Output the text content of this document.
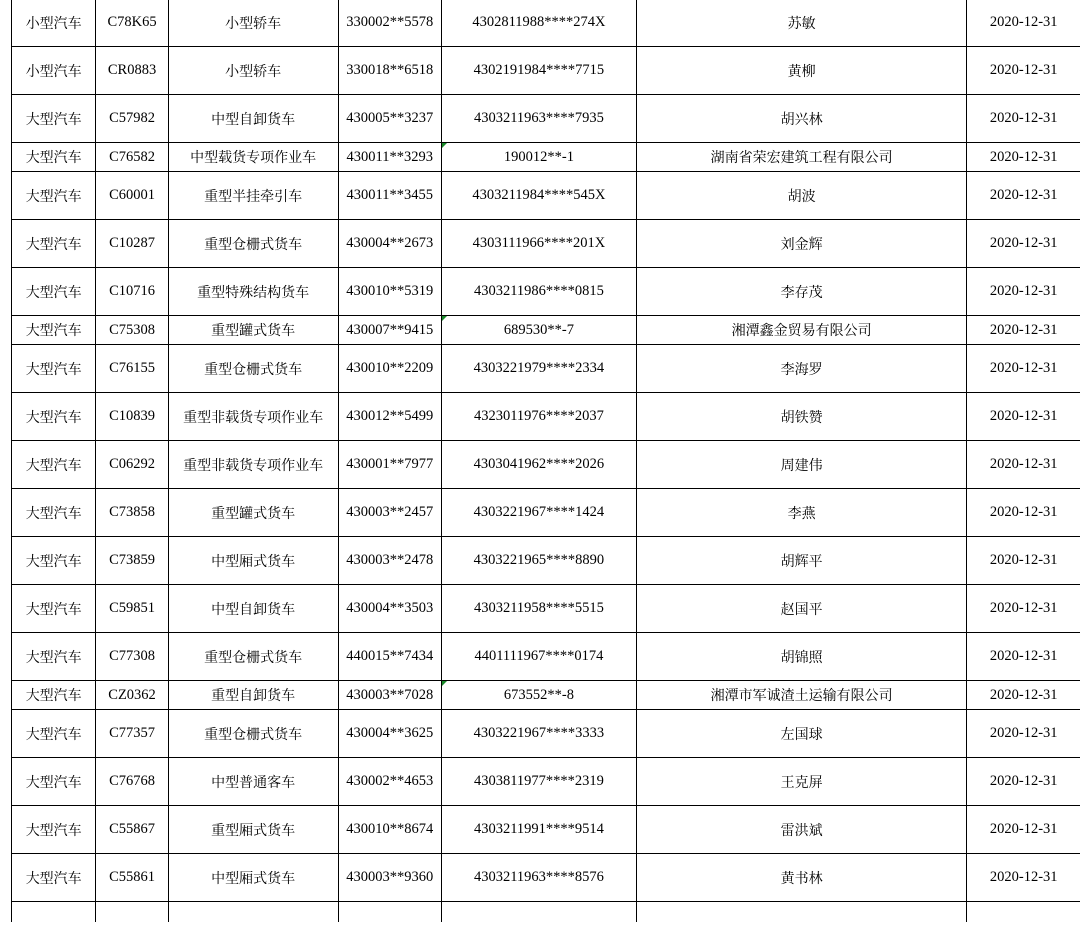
小型汽车	C78K65	小型轿车	330002**5578	4302811988****274X	苏敏	2020-12-31
小型汽车	CR0883	小型轿车	330018**6518	4302191984****7715	黄柳	2020-12-31
大型汽车	C57982	中型自卸货车	430005**3237	4303211963****7935	胡兴林	2020-12-31
大型汽车	C76582	中型载货专项作业车	430011**3293	190012**-1	湖南省荣宏建筑工程有限公司	2020-12-31
大型汽车	C60001	重型半挂牵引车	430011**3455	4303211984****545X	胡波	2020-12-31
大型汽车	C10287	重型仓栅式货车	430004**2673	4303111966****201X	刘金辉	2020-12-31
大型汽车	C10716	重型特殊结构货车	430010**5319	4303211986****0815	李存茂	2020-12-31
大型汽车	C75308	重型罐式货车	430007**9415	689530**-7	湘潭鑫金贸易有限公司	2020-12-31
大型汽车	C76155	重型仓栅式货车	430010**2209	4303221979****2334	李海罗	2020-12-31
大型汽车	C10839	重型非载货专项作业车	430012**5499	4323011976****2037	胡铁赞	2020-12-31
大型汽车	C06292	重型非载货专项作业车	430001**7977	4303041962****2026	周建伟	2020-12-31
大型汽车	C73858	重型罐式货车	430003**2457	4303221967****1424	李燕	2020-12-31
大型汽车	C73859	中型厢式货车	430003**2478	4303221965****8890	胡辉平	2020-12-31
大型汽车	C59851	中型自卸货车	430004**3503	4303211958****5515	赵国平	2020-12-31
大型汽车	C77308	重型仓栅式货车	440015**7434	4401111967****0174	胡锦照	2020-12-31
大型汽车	CZ0362	重型自卸货车	430003**7028	673552**-8	湘潭市军诚渣土运输有限公司	2020-12-31
大型汽车	C77357	重型仓栅式货车	430004**3625	4303221967****3333	左国球	2020-12-31
大型汽车	C76768	中型普通客车	430002**4653	4303811977****2319	王克屏	2020-12-31
大型汽车	C55867	重型厢式货车	430010**8674	4303211991****9514	雷洪斌	2020-12-31
大型汽车	C55861	中型厢式货车	430003**9360	4303211963****8576	黄书林	2020-12-31
